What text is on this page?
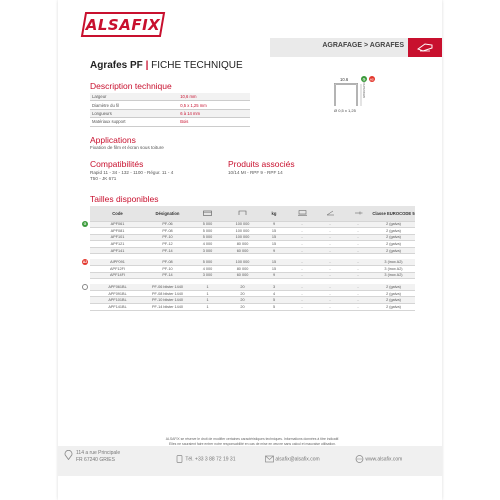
ALSAFIX
AGRAFAGE > AGRAFES
Agrafes PF | FICHE TECHNIQUE
Description technique
Largeur	10,6 mm
Diamètre du fil	0,5 x 1,25 mm
Longueurs	6 à 14 mm
Matériaux support	Bois
10.6	G A2
6/8/10/12/14
Ø 0,5 x 1,25
Applications
Fixation de film et écran sous toiture
Compatibilités
Rapid 11 - 34 - 132 - 1100 - Régur. 11 - 4
T50 - JK 671
Produits associés
10/14 MI - RPF 9 - RPF 14
Tailles disponibles
Code	Désignation			kg				Classe EUROCODE 5
APF061	PF-06	5 000	100 000	9	-	-	-	2 (galva)
APF081	PF-08	5 000	100 000	15	-	-	-	2 (galva)
APF101	PF-10	5 000	100 000	15	-	-	-	2 (galva)
APF121	PF-12	4 000	80 000	15	-	-	-	2 (galva)
APF141	PF-14	3 000	60 000	9	-	-	-	2 (galva)

AIPF091	PF-08	5 000	100 000	15	-	-	-	3 (inox A2)
APF12FI	PF-10	4 000	80 000	15	-	-	-	3 (inox A2)
APF14FI	PF-14	3 000	60 000	9	-	-	-	3 (inox A2)

APF061BL	PF-06 blister 1440	1	20	3	-	-	-	2 (galva)
APF091BL	PF-08 blister 1440	1	20	4	-	-	-	2 (galva)
APF101BL	PF-10 blister 1440	1	20	5	-	-	-	2 (galva)
APF141BL	PF-14 blister 1440	1	20	5	-	-	-	2 (galva)
G
A2
ALSAFIX se réserve le droit de modifier certaines caractéristiques techniques. Informations données à titre indicatif.
Elles ne sauraient faire entrer notre responsabilité en cas de mise en œuvre sans calcul et mauvaise utilisation.
114 a rue Principale
FR 67240 GRIES	Tél. +33 3 88 72 19 31	alsafix@alsafix.com	www.alsafix.com
